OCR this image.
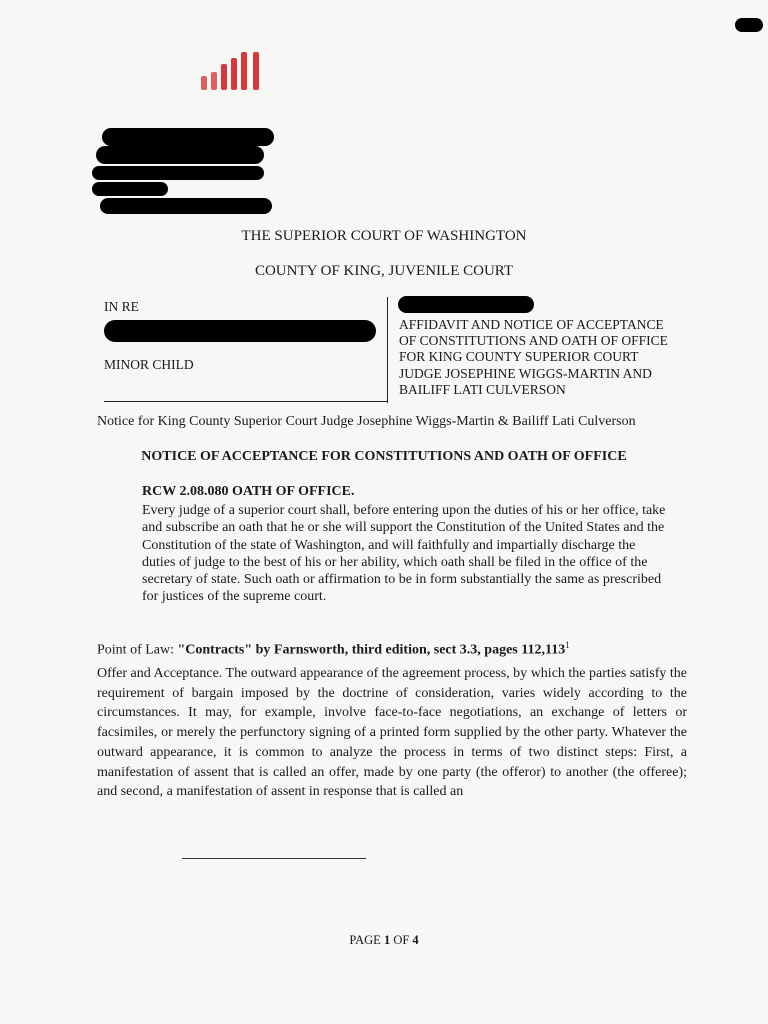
THE SUPERIOR COURT OF WASHINGTON
COUNTY OF KING, JUVENILE COURT
IN RE
MINOR CHILD
AFFIDAVIT AND NOTICE OF ACCEPTANCE
OF CONSTITUTIONS AND OATH OF OFFICE
FOR KING COUNTY SUPERIOR COURT
JUDGE JOSEPHINE WIGGS-MARTIN AND
BAILIFF LATI CULVERSON
Notice for King County Superior Court Judge Josephine Wiggs-Martin & Bailiff Lati Culverson
NOTICE OF ACCEPTANCE FOR CONSTITUTIONS AND OATH OF OFFICE
RCW 2.08.080 OATH OF OFFICE.
Every judge of a superior court shall, before entering upon the duties of his or her office, take and subscribe an oath that he or she will support the Constitution of the United States and the Constitution of the state of Washington, and will faithfully and impartially discharge the duties of judge to the best of his or her ability, which oath shall be filed in the office of the secretary of state. Such oath or affirmation to be in form substantially the same as prescribed for justices of the supreme court.
Point of Law: "Contracts" by Farnsworth, third edition, sect 3.3, pages 112,113$^1$
Offer and Acceptance. The outward appearance of the agreement process, by which the parties satisfy the requirement of bargain imposed by the doctrine of consideration, varies widely according to the circumstances. It may, for example, involve face-to-face negotiations, an exchange of letters or facsimiles, or merely the perfunctory signing of a printed form supplied by the other party. Whatever the outward appearance, it is common to analyze the process in terms of two distinct steps: First, a manifestation of assent that is called an offer, made by one party (the offeror) to another (the offeree); and second, a manifestation of assent in response that is called an
PAGE 1 OF 4
